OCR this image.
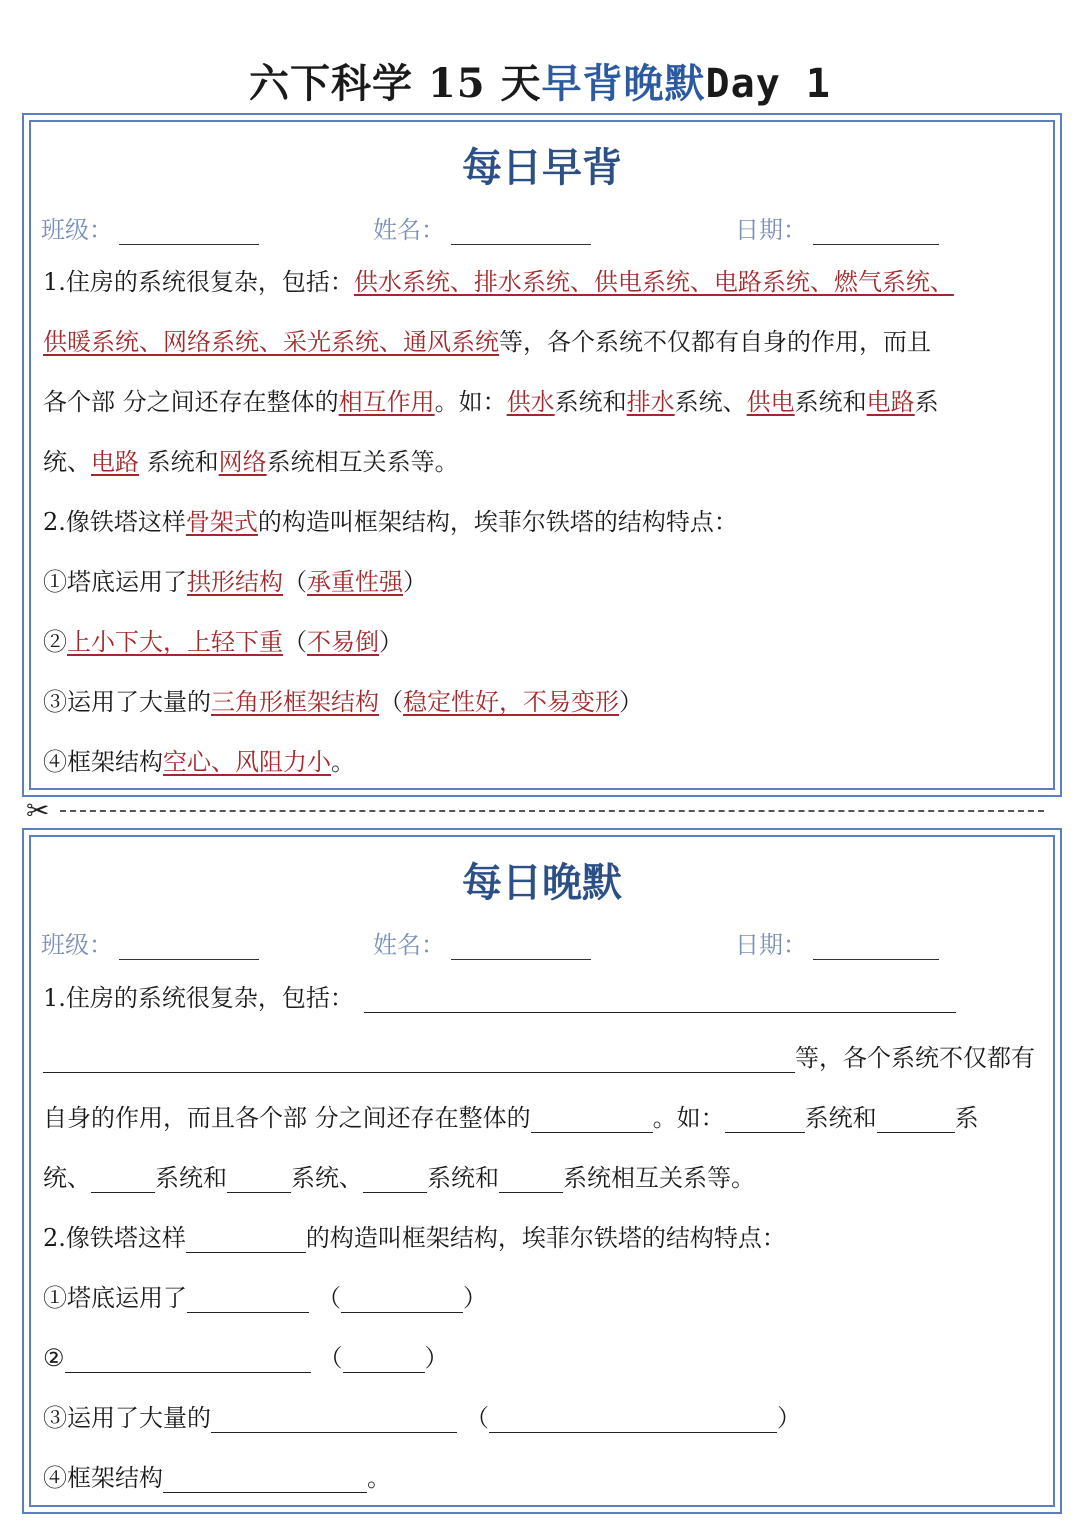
六下科学 15 天早背晚默Day 1
每日早背
班级：	姓名：	日期：
1.住房的系统很复杂，包括：供水系统、排水系统、供电系统、电路系统、燃气系统、
供暖系统、网络系统、采光系统、通风系统等，各个系统不仅都有自身的作用，而且
各个部 分之间还存在整体的相互作用。如：供水系统和排水系统、供电系统和电路系
统、电路 系统和网络系统相互关系等。
2.像铁塔这样骨架式的构造叫框架结构，埃菲尔铁塔的结构特点：
①塔底运用了拱形结构（承重性强）
②上小下大，上轻下重（不易倒）
③运用了大量的三角形框架结构（稳定性好，不易变形）
④框架结构空心、风阻力小。
✂
每日晚默
班级：	姓名：	日期：
1.住房的系统很复杂，包括：
等，各个系统不仅都有
自身的作用，而且各个部 分之间还存在整体的	。如：	系统和	系
统、	系统和	系统、	系统和	系统相互关系等。
2.像铁塔这样	的构造叫框架结构，埃菲尔铁塔的结构特点：
①塔底运用了	（	）
②	（	）
③运用了大量的	（	）
④框架结构	。
